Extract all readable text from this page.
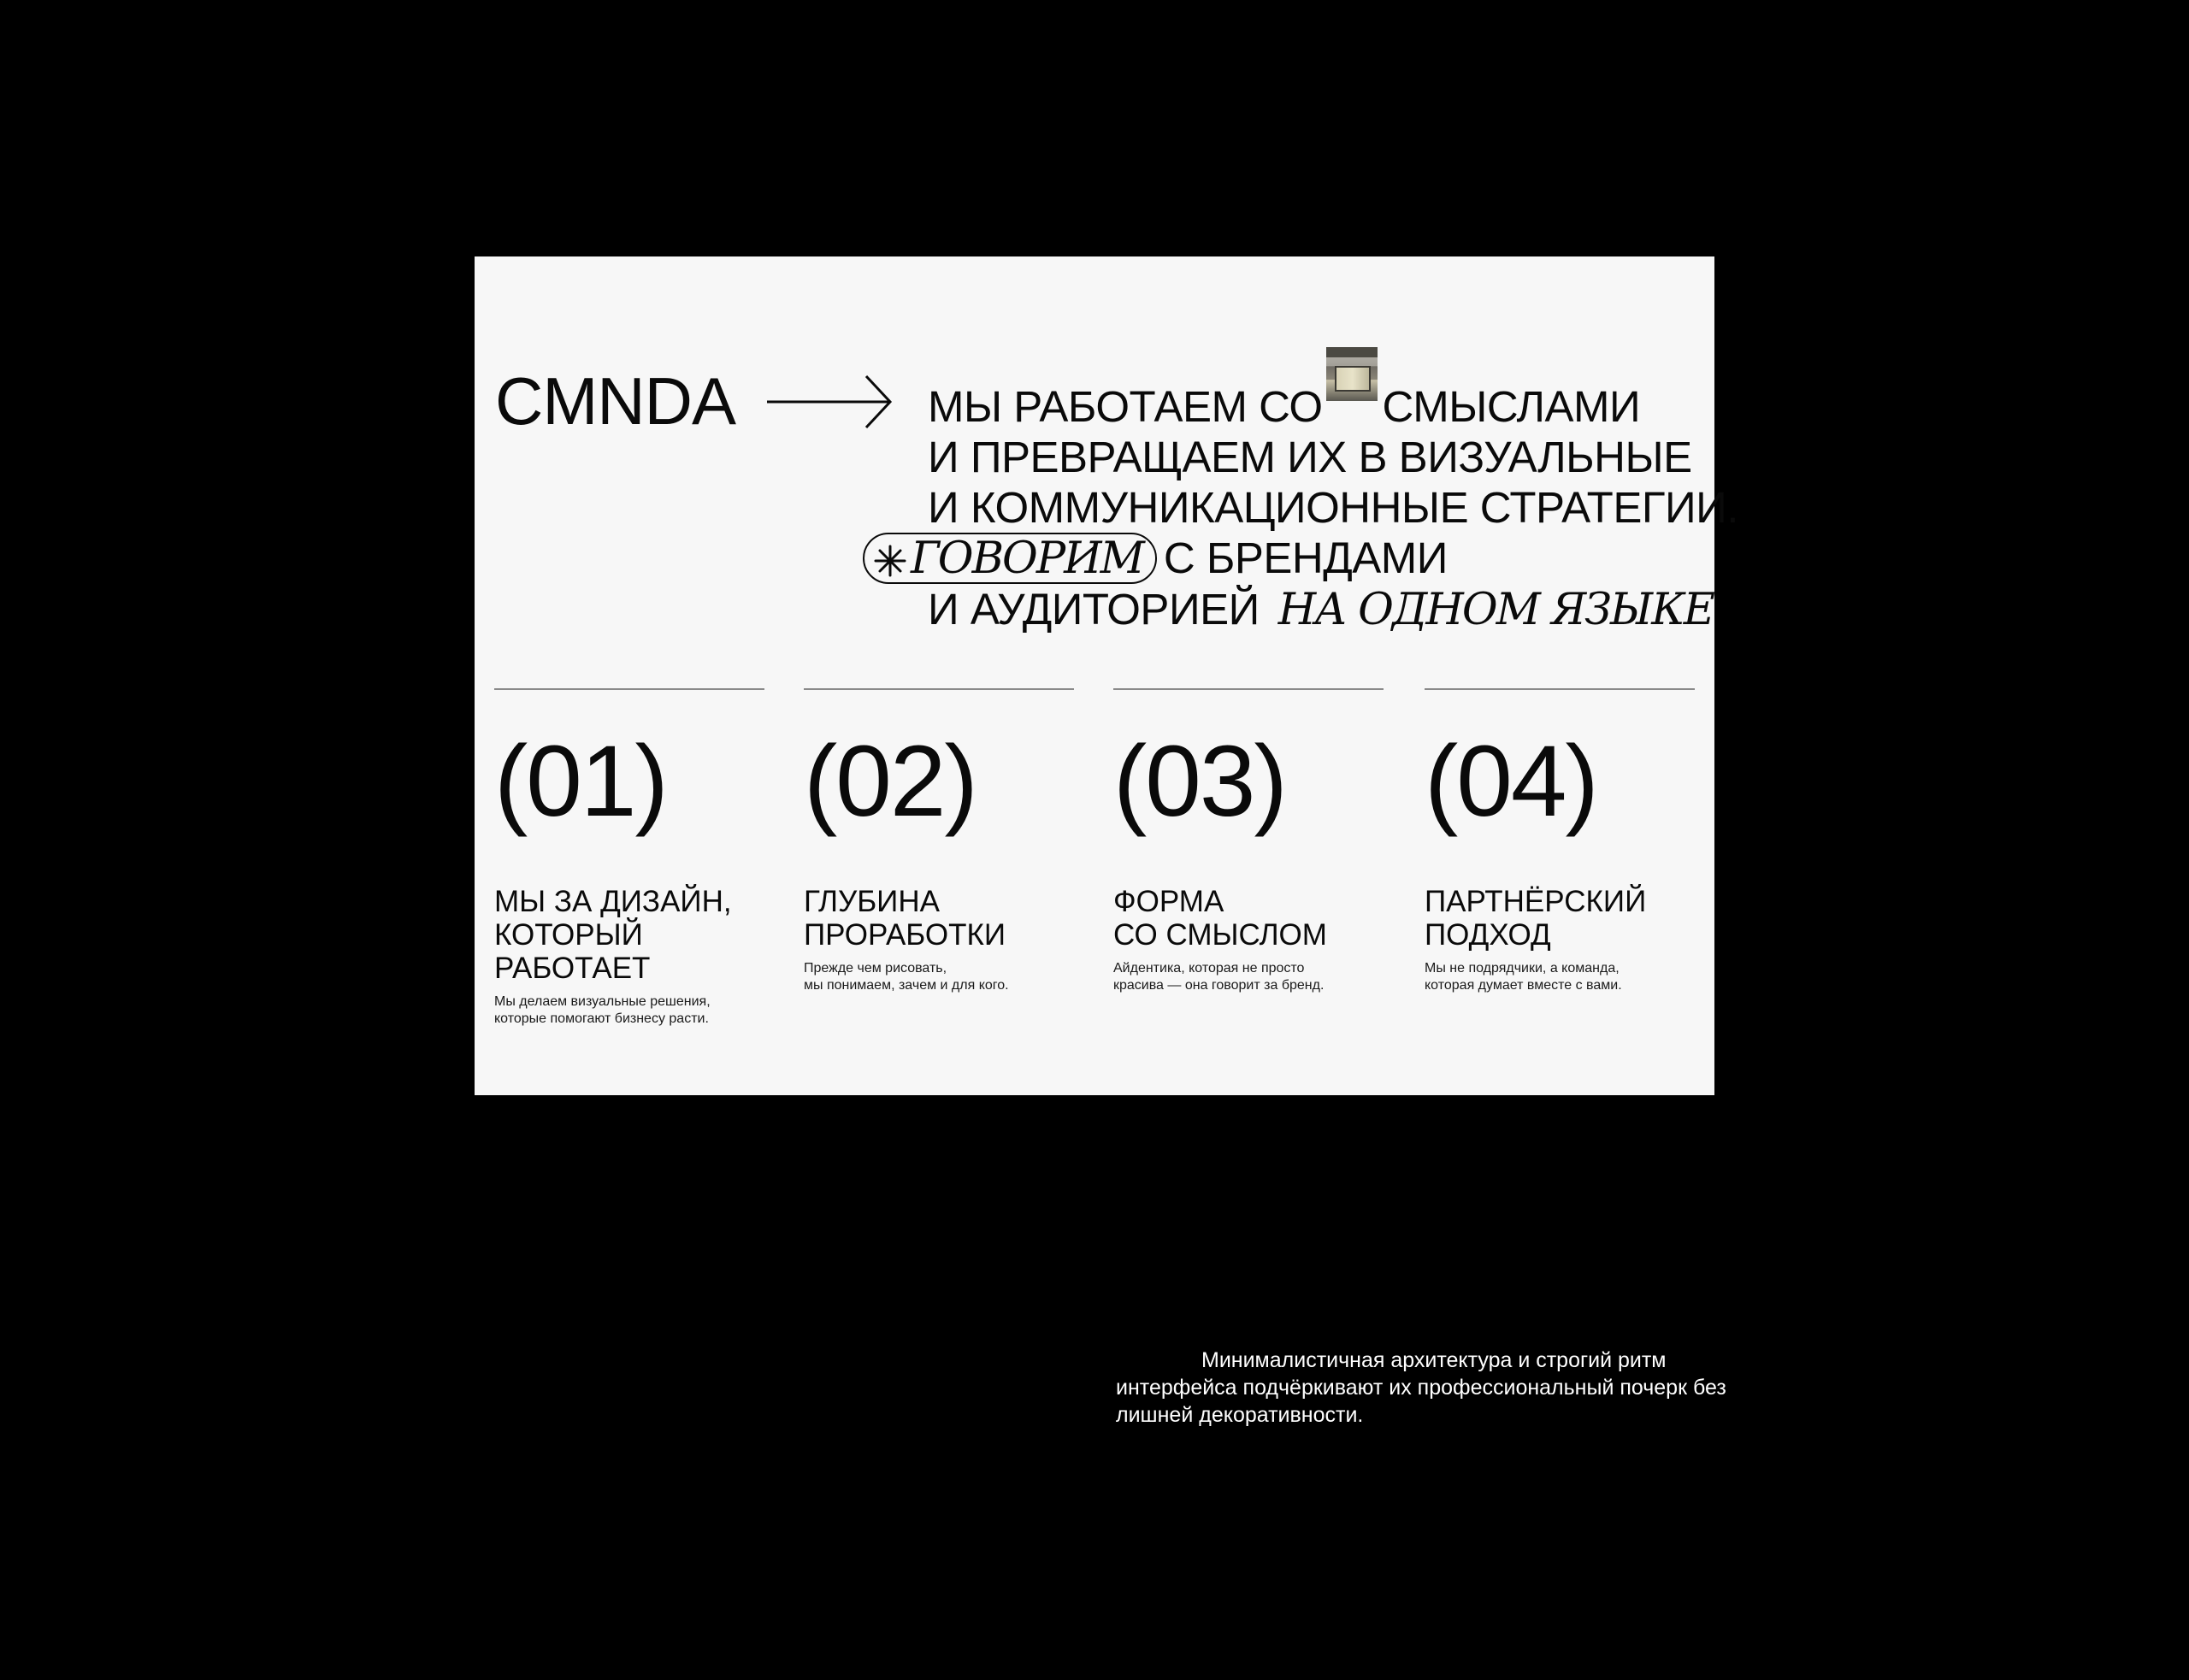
CMNDA	МЫ РАБОТАЕМ СО СМЫСЛАМИ
И ПРЕВРАЩАЕМ ИХ В ВИЗУАЛЬНЫЕ
И КОММУНИКАЦИОННЫЕ СТРАТЕГИИ.
ГОВОРИМ С БРЕНДАМИ
И АУДИТОРИЕЙ НА ОДНОМ ЯЗЫКЕ

(01)

МЫ ЗА ДИЗАЙН,
КОТОРЫЙ РАБОТАЕТ

Мы делаем визуальные решения,
которые помогают бизнесу расти.

(02)

ГЛУБИНА
ПРОРАБОТКИ

Прежде чем рисовать,
мы понимаем, зачем и для кого.

(03)

ФОРМА
СО СМЫСЛОМ

Айдентика, которая не просто
красива — она говорит за бренд.

(04)

ПАРТНЁРСКИЙ
ПОДХОД

Мы не подрядчики, а команда,
которая думает вместе с вами.

Минималистичная архитектура и строгий ритм интерфейса подчёркивают их профессиональный почерк без лишней декоративности.
